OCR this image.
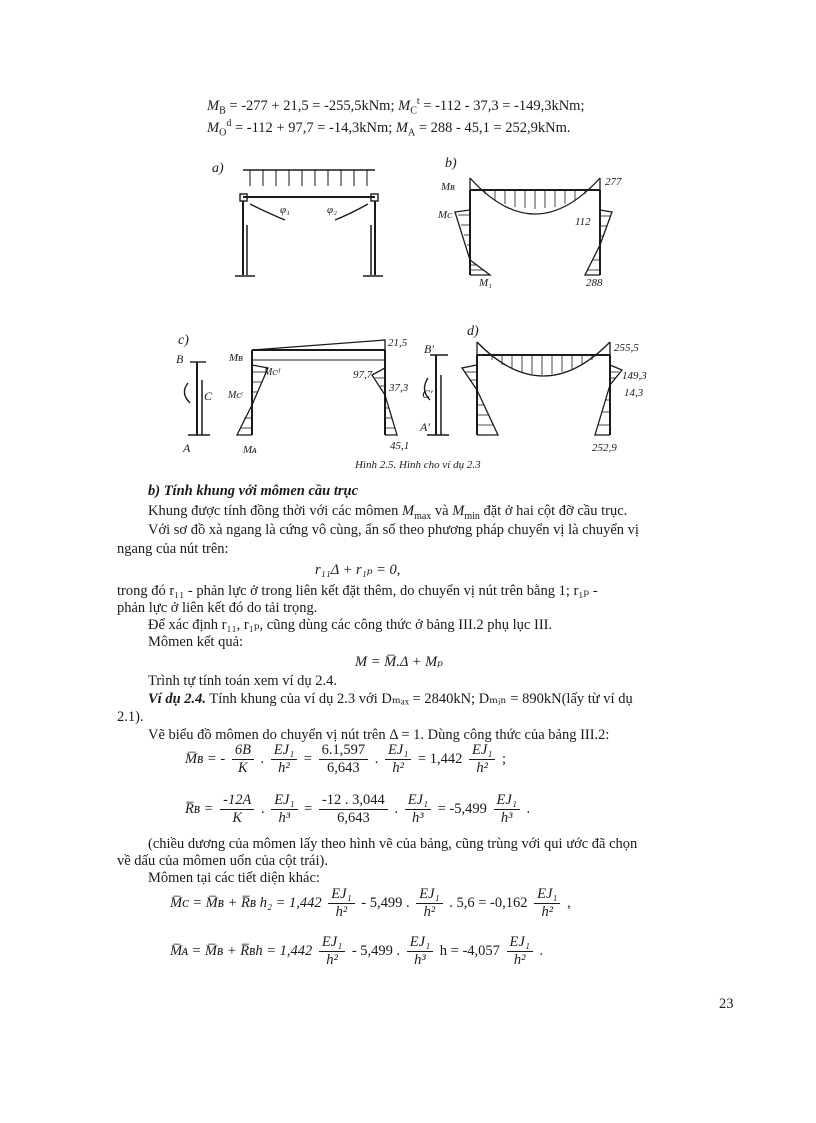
$M_B = -277 + 21,5 = -255,5kNm$; $M_C^t = -112 - 37,3 = -149,3kNm$;
$M_O^d = -112 + 97,7 = -14,3kNm$; $M_A = 288 - 45,1 = 252,9kNm$.
a)
φ₁	φ₂
b)
Mʙ	277
Mᴄ
112
M₁	288
c)
B
C
A
Mʙ
Mᴄᵈ
Mᴄᵗ
Mᴀ
21,5
97,7
37,3
45,1
d)
B′
C′
A′
255,5
149,3
14,3
252,9
Hình 2.5. Hình cho ví dụ 2.3
b) Tính khung với mômen cầu trục
Khung được tính đồng thời với các mômen $M_{max}$ và $M_{min}$ đặt ở hai cột đỡ cầu trục.
Với sơ đồ xà ngang là cứng vô cùng, ẩn số theo phương pháp chuyển vị là chuyển vị
ngang của nút trên:
r₁₁Δ + r₁ₚ = 0,
trong đó r₁₁ - phản lực ở trong liên kết đặt thêm, do chuyển vị nút trên bằng 1; r₁ₚ -
phản lực ở liên kết đó do tải trọng.
Để xác định r₁₁, r₁ₚ, cũng dùng các công thức ở bảng III.2 phụ lục III.
Mômen kết quả:
M = M̅.Δ + Mₚ
Trình tự tính toán xem ví dụ 2.4.
Ví dụ 2.4. Tính khung của ví dụ 2.3 với Dₘₐₓ = 2840kN; Dₘᵢₙ = 890kN(lấy từ ví dụ
2.1).
Vẽ biểu đồ mômen do chuyển vị nút trên Δ = 1. Dùng công thức của bảng III.2:
M̅ʙ = - $\frac{6B}{K}$ . $\frac{\text{EJ₁}}{\text{h²}} = \frac{6.1,597}{6,643}$ . $\frac{\text{EJ₁}}{\text{h²}} = 1,442 \frac{\text{EJ₁}}{\text{h²}}$ ;
R̅ʙ = $\frac{-12A}{K}$ . $\frac{\text{EJ₁}}{\text{h³}} = \frac{-12 . 3,044}{6,643}$ . $\frac{\text{EJ₁}}{\text{h³}} = -5,499 \frac{\text{EJ₁}}{\text{h³}}$ .
(chiều dương của mômen lấy theo hình vẽ của bảng, cũng trùng với qui ước đã chọn
về dấu của mômen uốn của cột trái).
Mômen tại các tiết diện khác:
M̅ᴄ = M̅ʙ + R̅ʙ $h_2 = 1,442 \frac{\text{EJ₁}}{\text{h²}} - 5,499$ . $\frac{\text{EJ₁}}{\text{h²}}$ . $5,6 = -0,162 \frac{\text{EJ₁}}{\text{h²}}$ ,
M̅ᴀ = M̅ʙ + R̅ʙh = $1,442 \frac{\text{EJ₁}}{\text{h²}} - 5,499$ . $\frac{\text{EJ₁}}{\text{h³}}$ $h = -4,057 \frac{\text{EJ₁}}{\text{h²}}$ .
23
